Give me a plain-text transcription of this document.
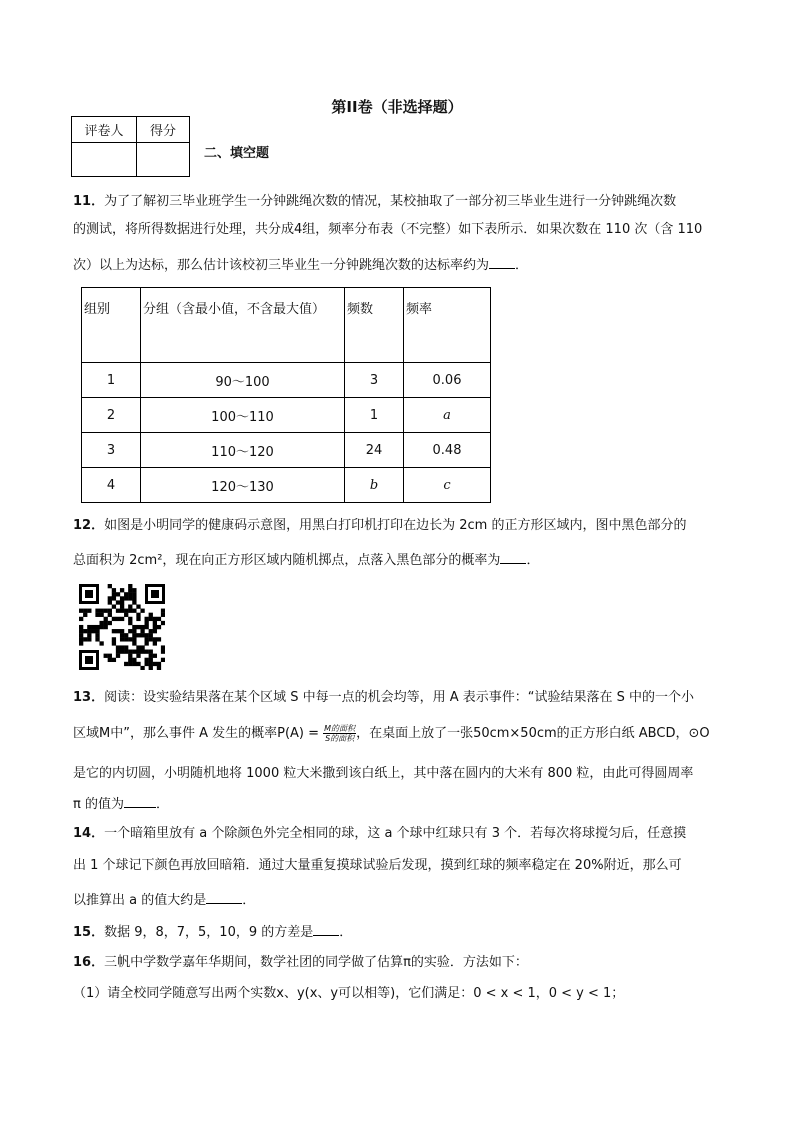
第II卷（非选择题）
评卷人	得分

二、填空题
11．为了了解初三毕业班学生一分钟跳绳次数的情况，某校抽取了一部分初三毕业生进行一分钟跳绳次数
的测试，将所得数据进行处理，共分成4组，频率分布表（不完整）如下表所示．如果次数在 110 次（含 110
次）以上为达标，那么估计该校初三毕业生一分钟跳绳次数的达标率约为 ．
组别	分组（含最小值，不含最大值）	频数	频率
1	90～100	3	0.06
2	100～110	1	a
3	110～120	24	0.48
4	120～130	b	c
12．如图是小明同学的健康码示意图，用黑白打印机打印在边长为 2cm 的正方形区域内，图中黑色部分的
总面积为 2cm²，现在向正方形区域内随机掷点，点落入黑色部分的概率为 ．
13．阅读：设实验结果落在某个区域 S 中每一点的机会均等，用 A 表示事件：“试验结果落在 S 中的一个小
区域M中”，那么事件 A 发生的概率$P(A) = \frac{\text{M的面积}}{\text{S的面积}}$ ，在桌面上放了一张50cm×50cm的正方形白纸 ABCD，⊙O
是它的内切圆，小明随机地将 1000 粒大米撒到该白纸上，其中落在圆内的大米有 800 粒，由此可得圆周率
π 的值为 ．
14．一个暗箱里放有 a 个除颜色外完全相同的球，这 a 个球中红球只有 3 个．若每次将球搅匀后，任意摸
出 1 个球记下颜色再放回暗箱．通过大量重复摸球试验后发现，摸到红球的频率稳定在 20%附近，那么可
以推算出 a 的值大约是	．
15．数据 9，8，7，5，10，9 的方差是 ．
16．三帆中学数学嘉年华期间，数学社团的同学做了估算π的实验．方法如下：
（1）请全校同学随意写出两个实数x、y(x、y可以相等)，它们满足：0 < x < 1，0 < y < 1；
